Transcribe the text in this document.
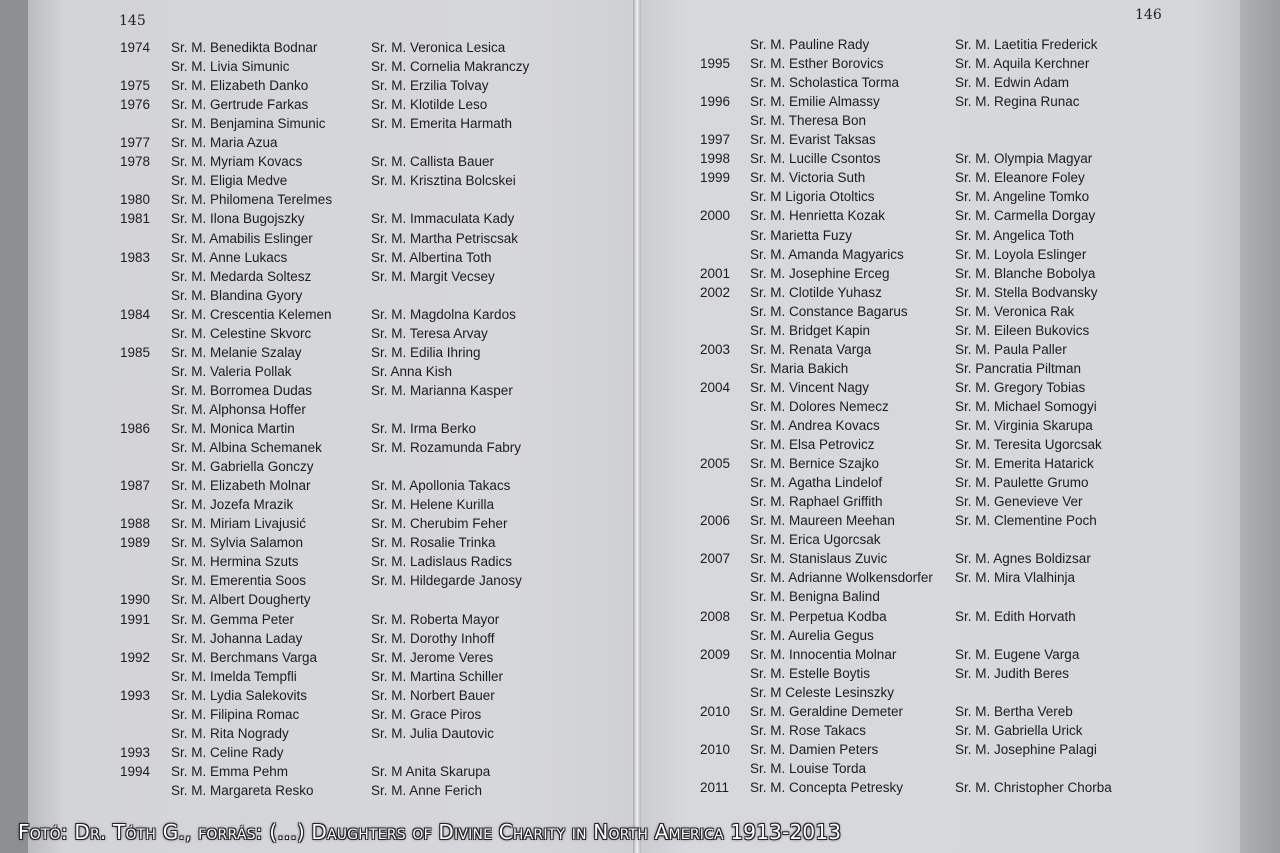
145	146
1974 Sr. M. Benedikta Bodnar	Sr. M. Veronica Lesica
Sr. M. Livia Simunic	Sr. M. Cornelia Makranczy
1975 Sr. M. Elizabeth Danko	Sr. M. Erzilia Tolvay
1976 Sr. M. Gertrude Farkas	Sr. M. Klotilde Leso
Sr. M. Benjamina Simunic	Sr. M. Emerita Harmath
1977 Sr. M. Maria Azua
1978 Sr. M. Myriam Kovacs	Sr. M. Callista Bauer
Sr. M. Eligia Medve	Sr. M. Krisztina Bolcskei
1980 Sr. M. Philomena Terelmes
1981 Sr. M. Ilona Bugojszky	Sr. M. Immaculata Kady
Sr. M. Amabilis Eslinger	Sr. M. Martha Petriscsak
1983 Sr. M. Anne Lukacs	Sr. M. Albertina Toth
Sr. M. Medarda Soltesz	Sr. M. Margit Vecsey
Sr. M. Blandina Gyory
1984 Sr. M. Crescentia Kelemen	Sr. M. Magdolna Kardos
Sr. M. Celestine Skvorc	Sr. M. Teresa Arvay
1985 Sr. M. Melanie Szalay	Sr. M. Edilia Ihring
Sr. M. Valeria Pollak	Sr. Anna Kish
Sr. M. Borromea Dudas	Sr. M. Marianna Kasper
Sr. M. Alphonsa Hoffer
1986 Sr. M. Monica Martin	Sr. M. Irma Berko
Sr. M. Albina Schemanek	Sr. M. Rozamunda Fabry
Sr. M. Gabriella Gonczy
1987 Sr. M. Elizabeth Molnar	Sr. M. Apollonia Takacs
Sr. M. Jozefa Mrazik	Sr. M. Helene Kurilla
1988 Sr. M. Miriam Livajusić	Sr. M. Cherubim Feher
1989 Sr. M. Sylvia Salamon	Sr. M. Rosalie Trinka
Sr. M. Hermina Szuts	Sr. M. Ladislaus Radics
Sr. M. Emerentia Soos	Sr. M. Hildegarde Janosy
1990 Sr. M. Albert Dougherty
1991 Sr. M. Gemma Peter	Sr. M. Roberta Mayor
Sr. M. Johanna Laday	Sr. M. Dorothy Inhoff
1992 Sr. M. Berchmans Varga	Sr. M. Jerome Veres
Sr. M. Imelda Tempfli	Sr. M. Martina Schiller
1993 Sr. M. Lydia Salekovits	Sr. M. Norbert Bauer
Sr. M. Filipina Romac	Sr. M. Grace Piros
Sr. M. Rita Nogrady	Sr. M. Julia Dautovic
1993 Sr. M. Celine Rady
1994 Sr. M. Emma Pehm	Sr. M Anita Skarupa
Sr. M. Margareta Resko	Sr. M. Anne Ferich
Sr. M. Pauline Rady	Sr. M. Laetitia Frederick
1995 Sr. M. Esther Borovics	Sr. M. Aquila Kerchner
Sr. M. Scholastica Torma	Sr. M. Edwin Adam
1996 Sr. M. Emilie Almassy	Sr. M. Regina Runac
Sr. M. Theresa Bon
1997 Sr. M. Evarist Taksas
1998 Sr. M. Lucille Csontos	Sr. M. Olympia Magyar
1999 Sr. M. Victoria Suth	Sr. M. Eleanore Foley
Sr. M Ligoria Otoltics	Sr. M. Angeline Tomko
2000 Sr. M. Henrietta Kozak	Sr. M. Carmella Dorgay
Sr. Marietta Fuzy	Sr. M. Angelica Toth
Sr. M. Amanda Magyarics	Sr. M. Loyola Eslinger
2001 Sr. M. Josephine Erceg	Sr. M. Blanche Bobolya
2002 Sr. M. Clotilde Yuhasz	Sr. M. Stella Bodvansky
Sr. M. Constance Bagarus	Sr. M. Veronica Rak
Sr. M. Bridget Kapin	Sr. M. Eileen Bukovics
2003 Sr. M. Renata Varga	Sr. M. Paula Paller
Sr. Maria Bakich	Sr. Pancratia Piltman
2004 Sr. M. Vincent Nagy	Sr. M. Gregory Tobias
Sr. M. Dolores Nemecz	Sr. M. Michael Somogyi
Sr. M. Andrea Kovacs	Sr. M. Virginia Skarupa
Sr. M. Elsa Petrovicz	Sr. M. Teresita Ugorcsak
2005 Sr. M. Bernice Szajko	Sr. M. Emerita Hatarick
Sr. M. Agatha Lindelof	Sr. M. Paulette Grumo
Sr. M. Raphael Griffith	Sr. M. Genevieve Ver
2006 Sr. M. Maureen Meehan	Sr. M. Clementine Poch
Sr. M. Erica Ugorcsak
2007 Sr. M. Stanislaus Zuvic	Sr. M. Agnes Boldizsar
Sr. M. Adrianne Wolkensdorfer Sr. M. Mira Vlalhinja
Sr. M. Benigna Balind
2008 Sr. M. Perpetua Kodba	Sr. M. Edith Horvath
Sr. M. Aurelia Gegus
2009 Sr. M. Innocentia Molnar	Sr. M. Eugene Varga
Sr. M. Estelle Boytis	Sr. M. Judith Beres
Sr. M Celeste Lesinszky
2010 Sr. M. Geraldine Demeter	Sr. M. Bertha Vereb
Sr. M. Rose Takacs	Sr. M. Gabriella Urick
2010 Sr. M. Damien Peters	Sr. M. Josephine Palagi
Sr. M. Louise Torda
2011 Sr. M. Concepta Petresky	Sr. M. Christopher Chorba
Fotó: Dr. Tóth G., forrás: (...) Daughters of Divine Charity in North America 1913-2013
